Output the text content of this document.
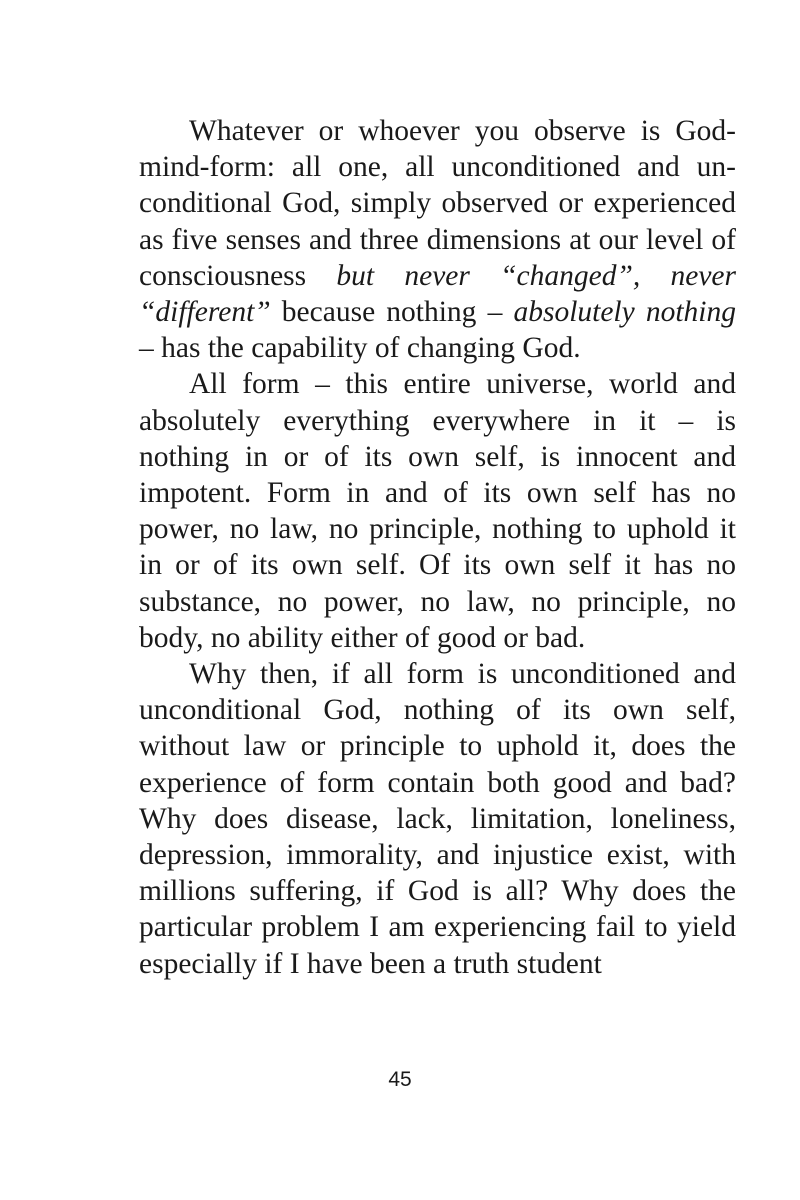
Whatever or whoever you observe is God-mind-form: all one, all unconditioned and unconditional God, simply observed or experienced as five senses and three dimensions at our level of consciousness but never “changed”, never “different” because nothing – absolutely nothing – has the capability of changing God.

All form – this entire universe, world and absolutely everything everywhere in it – is nothing in or of its own self, is innocent and impotent. Form in and of its own self has no power, no law, no principle, nothing to uphold it in or of its own self. Of its own self it has no substance, no power, no law, no principle, no body, no ability either of good or bad.

Why then, if all form is unconditioned and unconditional God, nothing of its own self, without law or principle to uphold it, does the experience of form contain both good and bad? Why does disease, lack, limitation, loneliness, depression, immorality, and injustice exist, with millions suffering, if God is all? Why does the particular problem I am experiencing fail to yield especially if I have been a truth student

45
